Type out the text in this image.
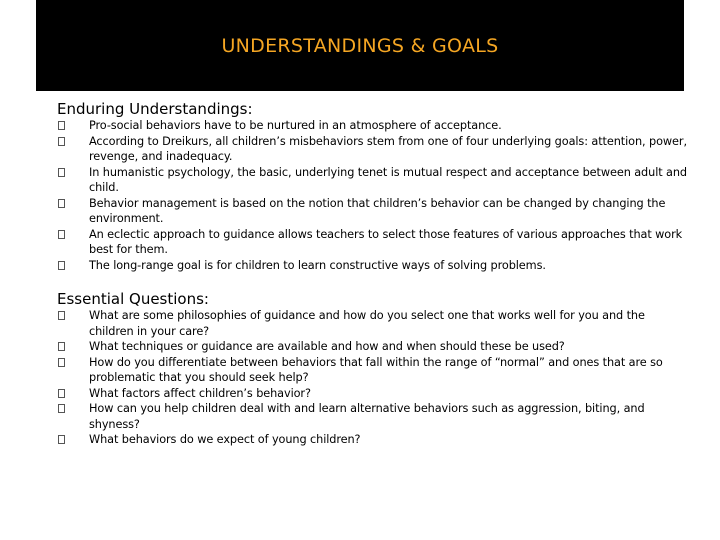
UNDERSTANDINGS & GOALS
Enduring Understandings:
Pro-social behaviors have to be nurtured in an atmosphere of acceptance.
According to Dreikurs, all children’s misbehaviors stem from one of four underlying goals: attention, power, revenge, and inadequacy.
In humanistic psychology, the basic, underlying tenet is mutual respect and acceptance between adult and child.
Behavior management is based on the notion that children’s behavior can be changed by changing the environment.
An eclectic approach to guidance allows teachers to select those features of various approaches that work best for them.
The long-range goal is for children to learn constructive ways of solving problems.
Essential Questions:
What are some philosophies of guidance and how do you select one that works well for you and the children in your care?
What techniques or guidance are available and how and when should these be used?
How do you differentiate between behaviors that fall within the range of “normal” and ones that are so problematic that you should seek help?
What factors affect children’s behavior?
How can you help children deal with and learn alternative behaviors such as aggression, biting, and shyness?
What behaviors do we expect of young children?
